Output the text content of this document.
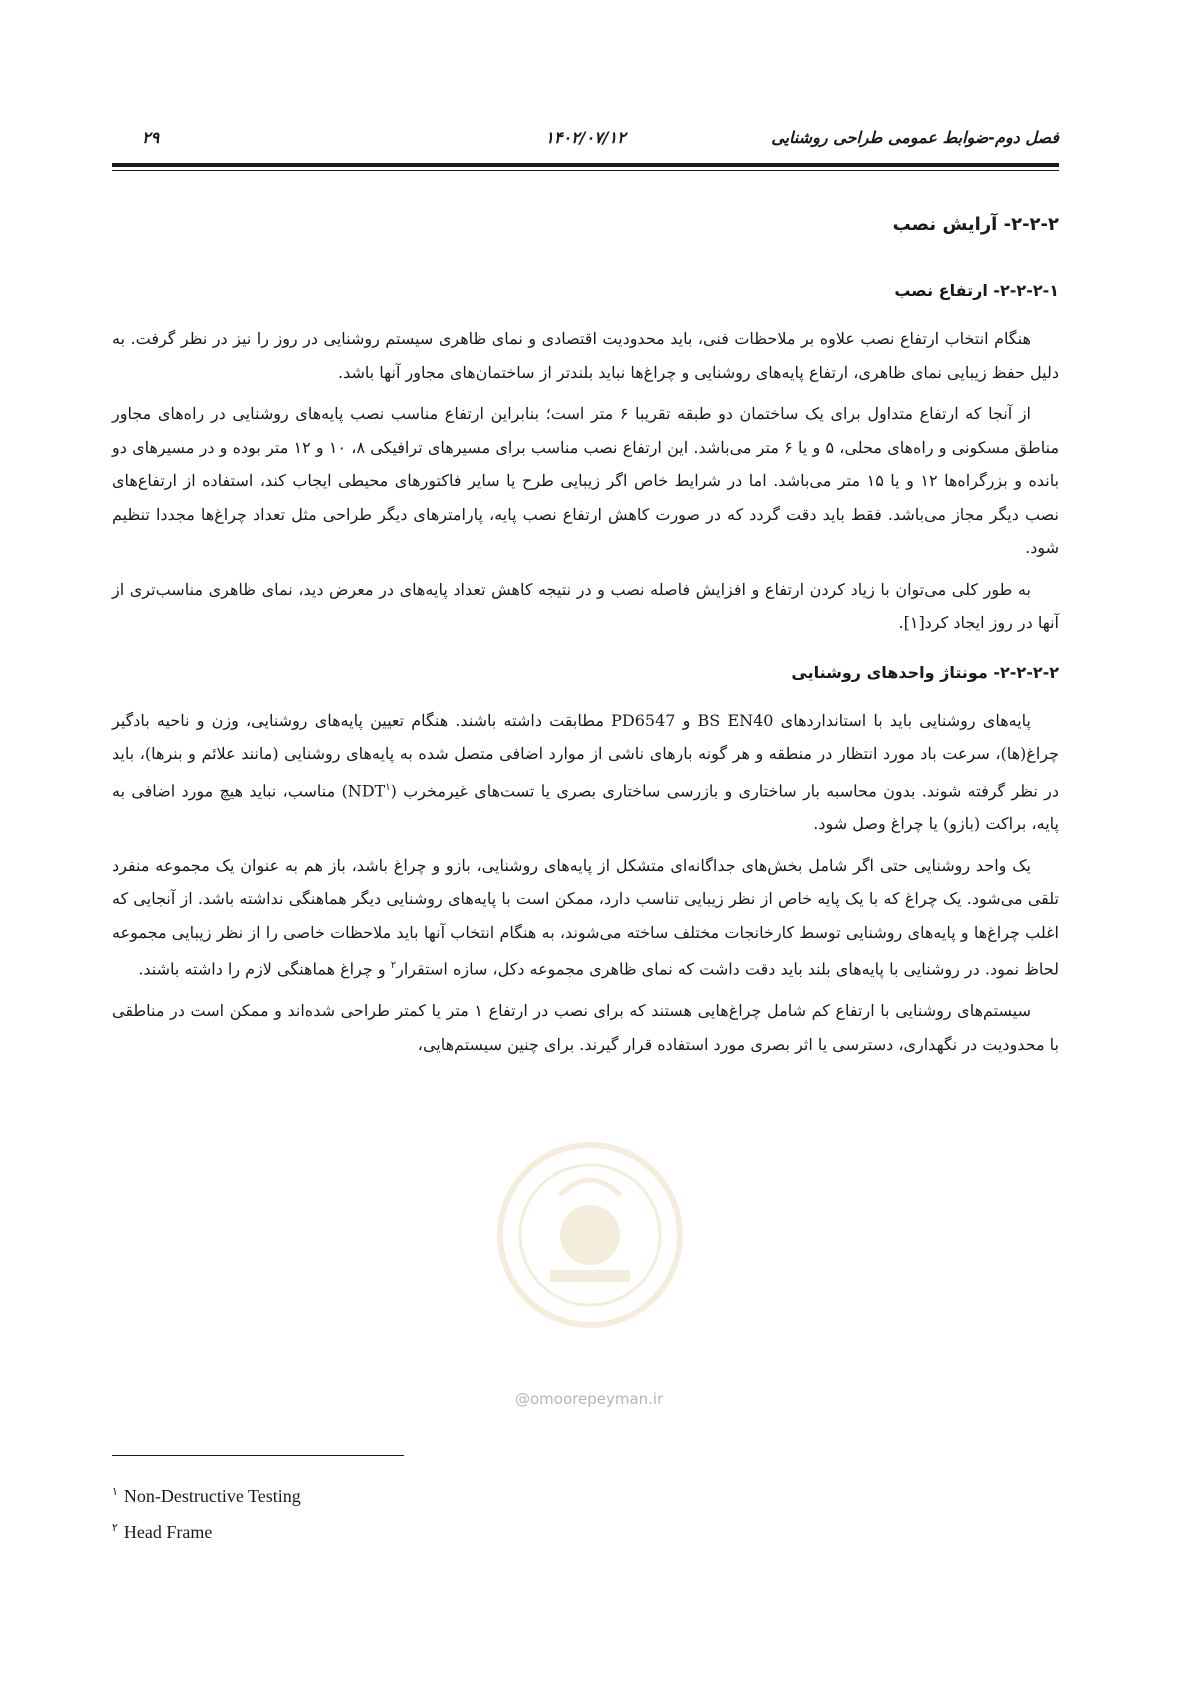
فصل دوم-ضوابط عمومی طراحی روشنایی
۱۴۰۲/۰۷/۱۲
۲۹
۲-۲-۲- آرایش نصب
۲-۲-۲-۱- ارتفاع نصب

هنگام انتخاب ارتفاع نصب علاوه بر ملاحظات فنی، باید محدودیت اقتصادی و نمای ظاهری سیستم روشنایی در روز را نیز در نظر گرفت. به دلیل حفظ زیبایی نمای ظاهری، ارتفاع پایه‌های روشنایی و چراغ‌ها نباید بلندتر از ساختمان‌های مجاور آنها باشد.

از آنجا که ارتفاع متداول برای یک ساختمان دو طبقه تقریبا ۶ متر است؛ بنابراین ارتفاع مناسب نصب پایه‌های روشنایی در راه‌های مجاور مناطق مسکونی و راه‌های محلی، ۵ و یا ۶ متر می‌باشد. این ارتفاع نصب مناسب برای مسیرهای ترافیکی ۸، ۱۰ و ۱۲ متر بوده و در مسیرهای دو بانده و بزرگراه‌ها ۱۲ و یا ۱۵ متر می‌باشد. اما در شرایط خاص اگر زیبایی طرح یا سایر فاکتورهای محیطی ایجاب کند، استفاده از ارتفاع‌های نصب دیگر مجاز می‌باشد. فقط باید دقت گردد که در صورت کاهش ارتفاع نصب پایه، پارامترهای دیگر طراحی مثل تعداد چراغ‌ها مجددا تنظیم شود.

به طور کلی می‌توان با زیاد کردن ارتفاع و افزایش فاصله نصب و در نتیجه کاهش تعداد پایه‌های در معرض دید، نمای ظاهری مناسب‌تری از آنها در روز ایجاد کرد[۱].

۲-۲-۲-۲- مونتاژ واحدهای روشنایی

پایه‌های روشنایی باید با استانداردهای BS EN40 و PD6547 مطابقت داشته باشند. هنگام تعیین پایه‌های روشنایی، وزن و ناحیه بادگیر چراغ(ها)، سرعت باد مورد انتظار در منطقه و هر گونه بارهای ناشی از موارد اضافی متصل شده به پایه‌های روشنایی (مانند علائم و بنرها)، باید در نظر گرفته شوند. بدون محاسبه بار ساختاری و بازرسی ساختاری بصری یا تست‌های غیرمخرب (NDT$^۱$) مناسب، نباید هیچ مورد اضافی به پایه، براکت (بازو) یا چراغ وصل شود.

یک واحد روشنایی حتی اگر شامل بخش‌های جداگانه‌ای متشکل از پایه‌های روشنایی، بازو و چراغ باشد، باز هم به عنوان یک مجموعه منفرد تلقی می‌شود. یک چراغ که با یک پایه خاص از نظر زیبایی تناسب دارد، ممکن است با پایه‌های روشنایی دیگر هماهنگی نداشته باشد. از آنجایی که اغلب چراغ‌ها و پایه‌های روشنایی توسط کارخانجات مختلف ساخته می‌شوند، به هنگام انتخاب آنها باید ملاحظات خاصی را از نظر زیبایی مجموعه لحاظ نمود. در روشنایی با پایه‌های بلند باید دقت داشت که نمای ظاهری مجموعه دکل، سازه استقرار$^۲$ و چراغ هماهنگی لازم را داشته باشند.

سیستم‌های روشنایی با ارتفاع کم شامل چراغ‌هایی هستند که برای نصب در ارتفاع ۱ متر یا کمتر طراحی شده‌اند و ممکن است در مناطقی با محدودیت در نگهداری، دسترسی یا اثر بصری مورد استفاده قرار گیرند. برای چنین سیستم‌هایی،

@omoorepeyman.ir
$^۱$ Non-Destructive Testing
$^۲$ Head Frame
